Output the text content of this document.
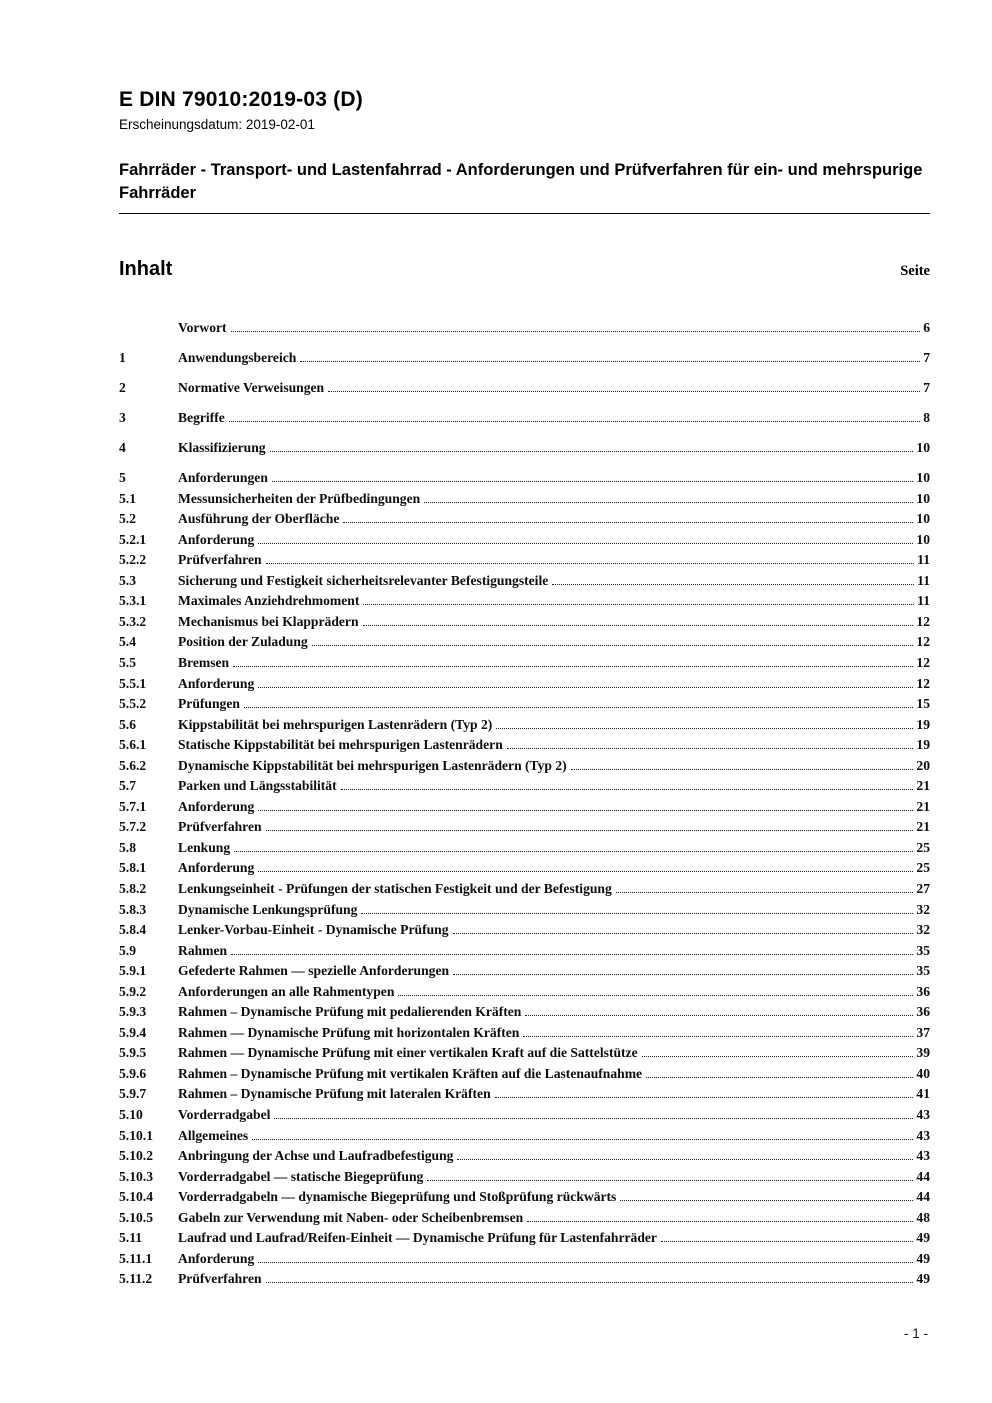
E DIN 79010:2019-03 (D)
Erscheinungsdatum: 2019-02-01
Fahrräder - Transport- und Lastenfahrrad - Anforderungen und Prüfverfahren für ein- und mehrspurige Fahrräder
Inhalt	Seite
Vorwort	6
1	Anwendungsbereich	7
2	Normative Verweisungen	7
3	Begriffe	8
4	Klassifizierung	10
5	Anforderungen	10
5.1	Messunsicherheiten der Prüfbedingungen	10
5.2	Ausführung der Oberfläche	10
5.2.1	Anforderung	10
5.2.2	Prüfverfahren	11
5.3	Sicherung und Festigkeit sicherheitsrelevanter Befestigungsteile	11
5.3.1	Maximales Anziehdrehmoment	11
5.3.2	Mechanismus bei Klapprädern	12
5.4	Position der Zuladung	12
5.5	Bremsen	12
5.5.1	Anforderung	12
5.5.2	Prüfungen	15
5.6	Kippstabilität bei mehrspurigen Lastenrädern (Typ 2)	19
5.6.1	Statische Kippstabilität bei mehrspurigen Lastenrädern	19
5.6.2	Dynamische Kippstabilität bei mehrspurigen Lastenrädern (Typ 2)	20
5.7	Parken und Längsstabilität	21
5.7.1	Anforderung	21
5.7.2	Prüfverfahren	21
5.8	Lenkung	25
5.8.1	Anforderung	25
5.8.2	Lenkungseinheit - Prüfungen der statischen Festigkeit und der Befestigung	27
5.8.3	Dynamische Lenkungsprüfung	32
5.8.4	Lenker-Vorbau-Einheit - Dynamische Prüfung	32
5.9	Rahmen	35
5.9.1	Gefederte Rahmen — spezielle Anforderungen	35
5.9.2	Anforderungen an alle Rahmentypen	36
5.9.3	Rahmen – Dynamische Prüfung mit pedalierenden Kräften	36
5.9.4	Rahmen — Dynamische Prüfung mit horizontalen Kräften	37
5.9.5	Rahmen — Dynamische Prüfung mit einer vertikalen Kraft auf die Sattelstütze	39
5.9.6	Rahmen – Dynamische Prüfung mit vertikalen Kräften auf die Lastenaufnahme	40
5.9.7	Rahmen – Dynamische Prüfung mit lateralen Kräften	41
5.10	Vorderradgabel	43
5.10.1	Allgemeines	43
5.10.2	Anbringung der Achse und Laufradbefestigung	43
5.10.3	Vorderradgabel — statische Biegeprüfung	44
5.10.4	Vorderradgabeln — dynamische Biegeprüfung und Stoßprüfung rückwärts	44
5.10.5	Gabeln zur Verwendung mit Naben- oder Scheibenbremsen	48
5.11	Laufrad und Laufrad/Reifen-Einheit — Dynamische Prüfung für Lastenfahrräder	49
5.11.1	Anforderung	49
5.11.2	Prüfverfahren	49
- 1 -
